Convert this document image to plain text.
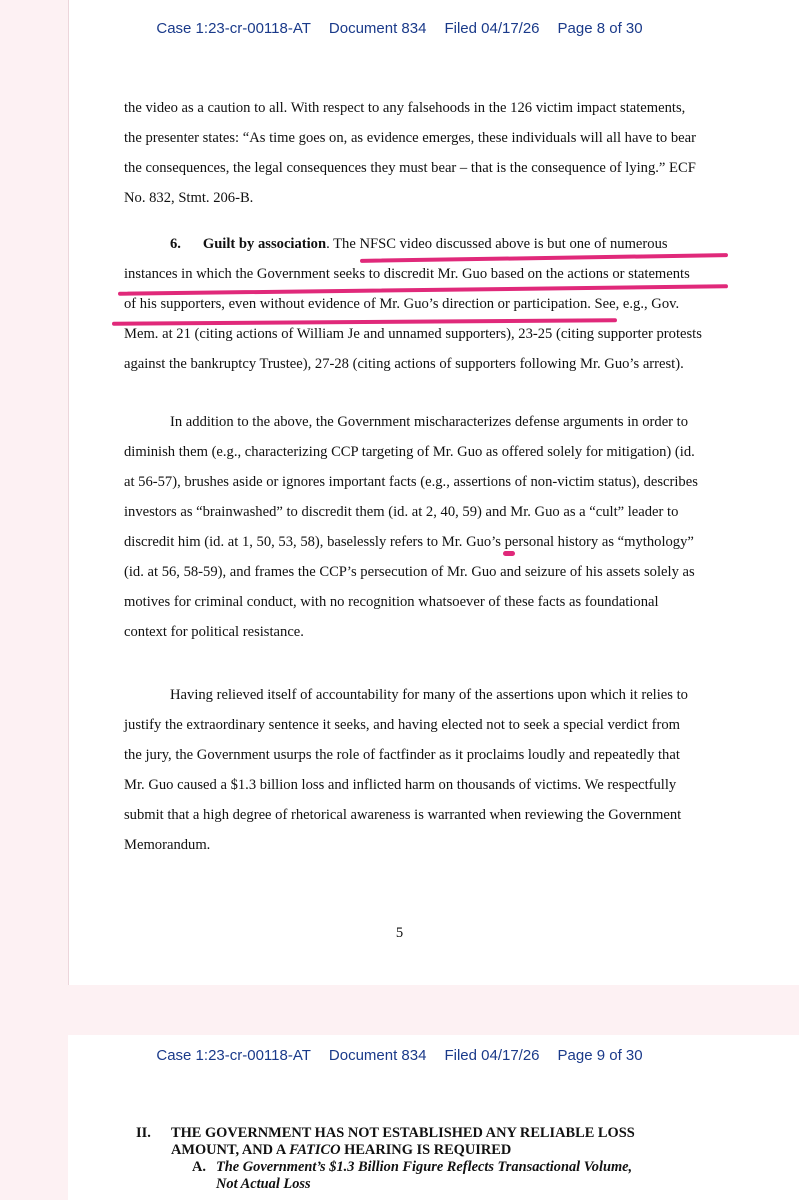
Case 1:23-cr-00118-AT Document 834 Filed 04/17/26 Page 8 of 30
the video as a caution to all. With respect to any falsehoods in the 126 victim impact statements,
the presenter states: “As time goes on, as evidence emerges, these individuals will all have to bear
the consequences, the legal consequences they must bear – that is the consequence of lying.” ECF
No. 832, Stmt. 206-B.
6. Guilt by association. The NFSC video discussed above is but one of numerous
instances in which the Government seeks to discredit Mr. Guo based on the actions or statements
of his supporters, even without evidence of Mr. Guo’s direction or participation. See, e.g., Gov.
Mem. at 21 (citing actions of William Je and unnamed supporters), 23-25 (citing supporter protests
against the bankruptcy Trustee), 27-28 (citing actions of supporters following Mr. Guo’s arrest).
In addition to the above, the Government mischaracterizes defense arguments in order to
diminish them (e.g., characterizing CCP targeting of Mr. Guo as offered solely for mitigation) (id.
at 56-57), brushes aside or ignores important facts (e.g., assertions of non-victim status), describes
investors as “brainwashed” to discredit them (id. at 2, 40, 59) and Mr. Guo as a “cult” leader to
discredit him (id. at 1, 50, 53, 58), baselessly refers to Mr. Guo’s personal history as “mythology”
(id. at 56, 58-59), and frames the CCP’s persecution of Mr. Guo and seizure of his assets solely as
motives for criminal conduct, with no recognition whatsoever of these facts as foundational
context for political resistance.
Having relieved itself of accountability for many of the assertions upon which it relies to
justify the extraordinary sentence it seeks, and having elected not to seek a special verdict from
the jury, the Government usurps the role of factfinder as it proclaims loudly and repeatedly that
Mr. Guo caused a $1.3 billion loss and inflicted harm on thousands of victims. We respectfully
submit that a high degree of rhetorical awareness is warranted when reviewing the Government
Memorandum.
5
Case 1:23-cr-00118-AT Document 834 Filed 04/17/26 Page 9 of 30
II. THE GOVERNMENT HAS NOT ESTABLISHED ANY RELIABLE LOSS
AMOUNT, AND A FATICO HEARING IS REQUIRED
A. The Government’s $1.3 Billion Figure Reflects Transactional Volume,
Not Actual Loss
